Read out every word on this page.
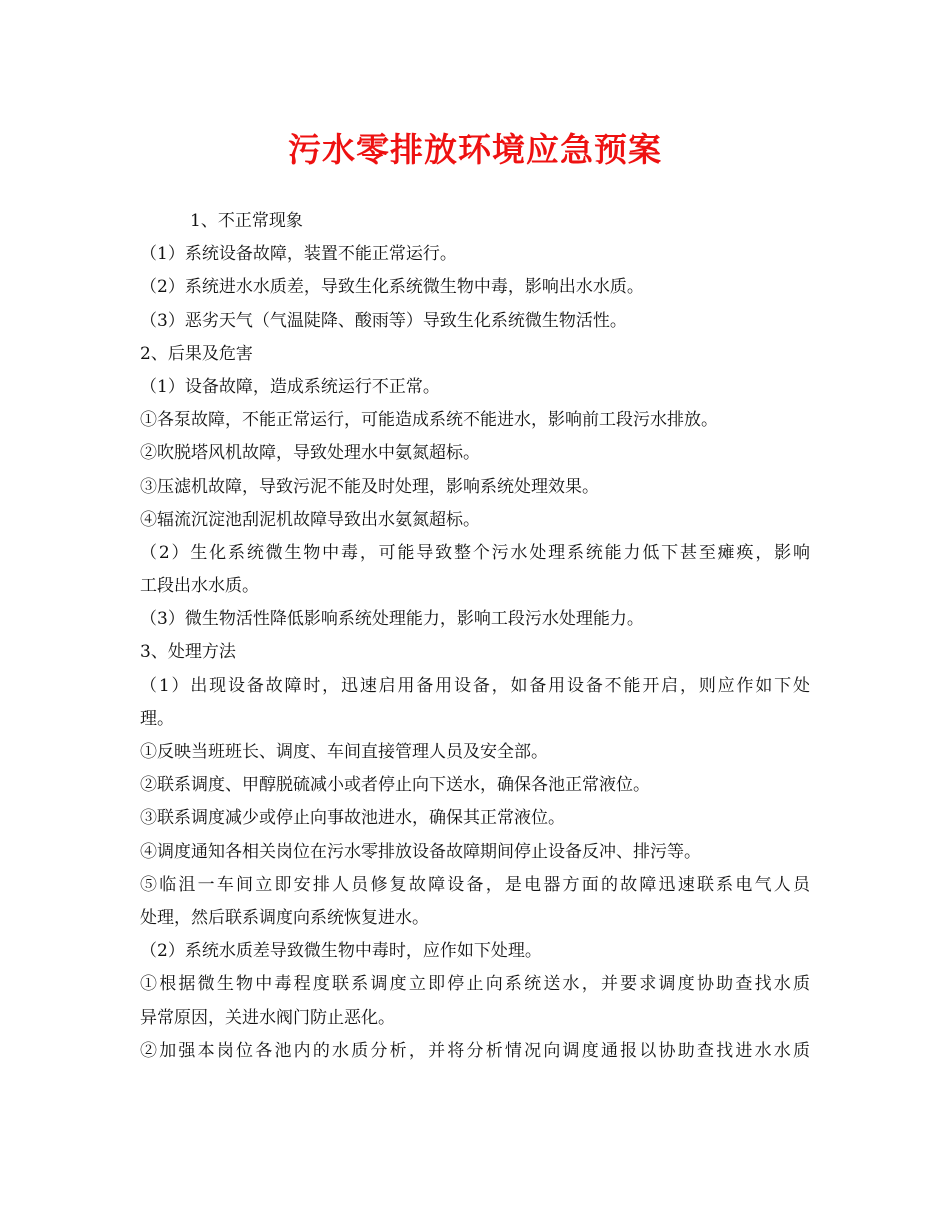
污水零排放环境应急预案
1、不正常现象
（1）系统设备故障，装置不能正常运行。
（2）系统进水水质差，导致生化系统微生物中毒，影响出水水质。
（3）恶劣天气（气温陡降、酸雨等）导致生化系统微生物活性。
2、后果及危害
（1）设备故障，造成系统运行不正常。
①各泵故障，不能正常运行，可能造成系统不能进水，影响前工段污水排放。
②吹脱塔风机故障，导致处理水中氨氮超标。
③压滤机故障，导致污泥不能及时处理，影响系统处理效果。
④辐流沉淀池刮泥机故障导致出水氨氮超标。
（2）生化系统微生物中毒，可能导致整个污水处理系统能力低下甚至瘫痪，影响
工段出水水质。
（3）微生物活性降低影响系统处理能力，影响工段污水处理能力。
3、处理方法
（1）出现设备故障时，迅速启用备用设备，如备用设备不能开启，则应作如下处
理。
①反映当班班长、调度、车间直接管理人员及安全部。
②联系调度、甲醇脱硫减小或者停止向下送水，确保各池正常液位。
③联系调度减少或停止向事故池进水，确保其正常液位。
④调度通知各相关岗位在污水零排放设备故障期间停止设备反冲、排污等。
⑤临沮一车间立即安排人员修复故障设备，是电器方面的故障迅速联系电气人员
处理，然后联系调度向系统恢复进水。
（2）系统水质差导致微生物中毒时，应作如下处理。
①根据微生物中毒程度联系调度立即停止向系统送水，并要求调度协助查找水质
异常原因，关进水阀门防止恶化。
②加强本岗位各池内的水质分析，并将分析情况向调度通报以协助查找进水水质
